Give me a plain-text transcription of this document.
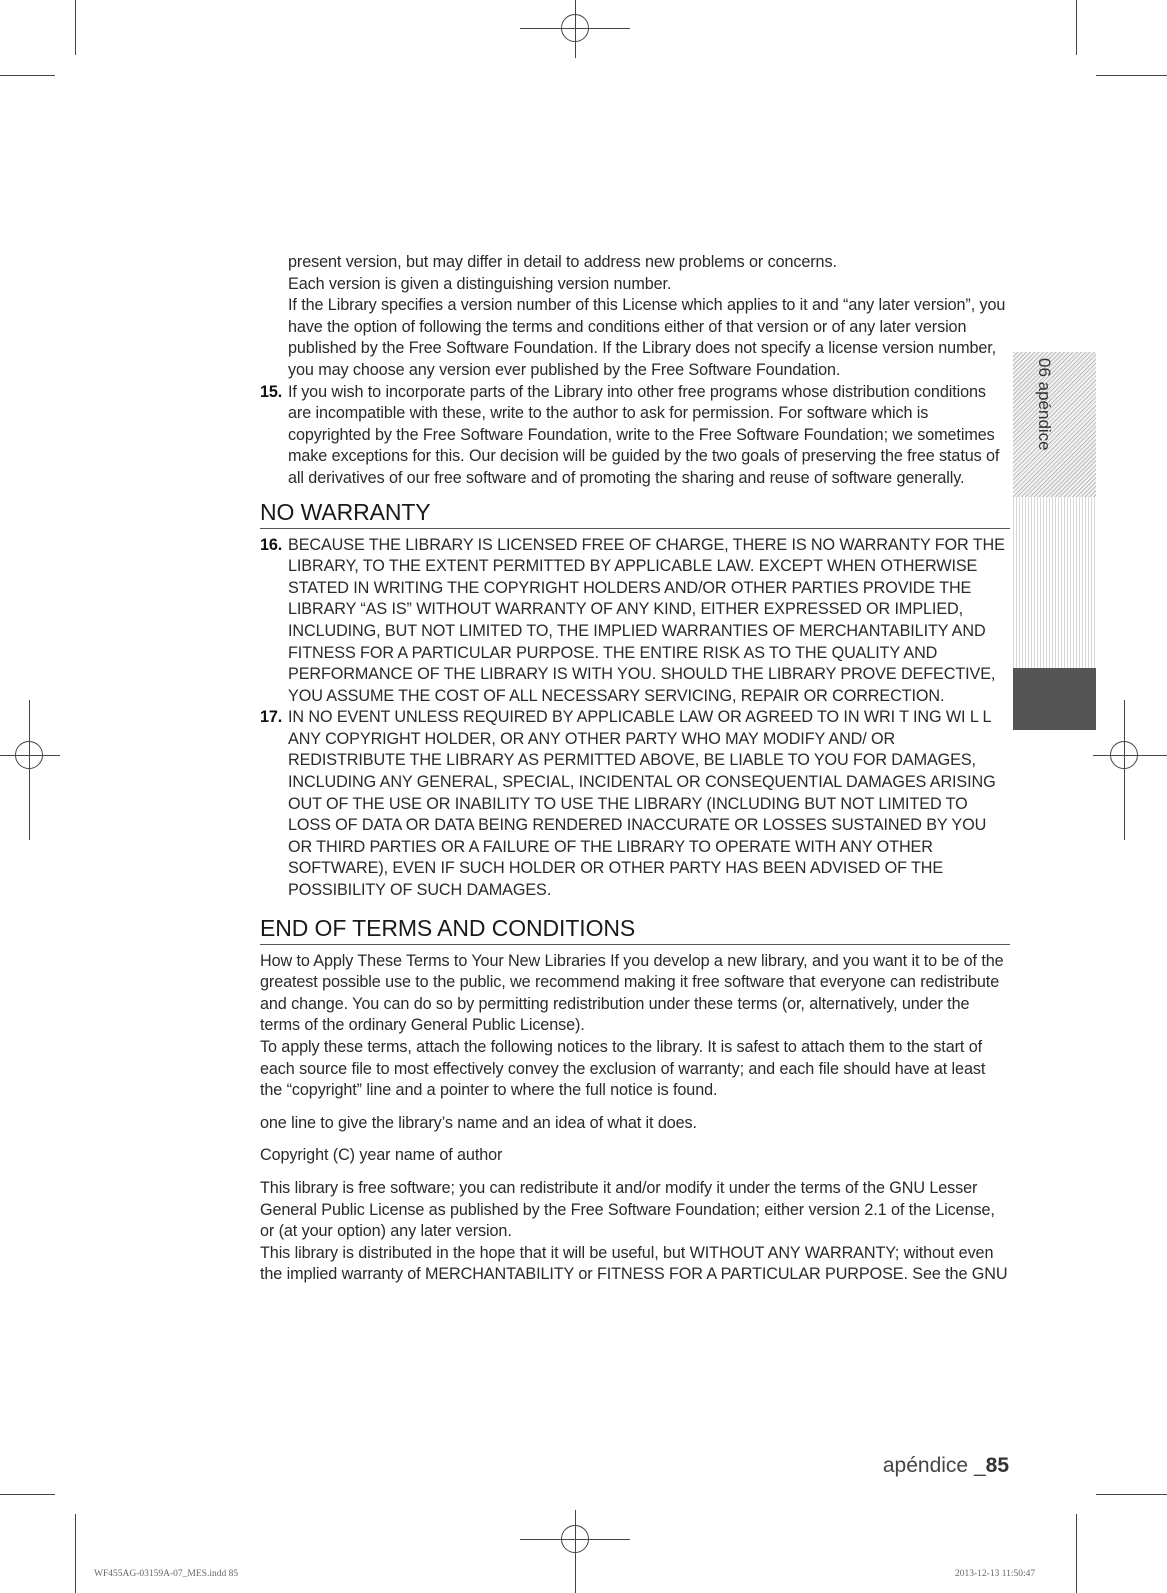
06 apéndice

present version, but may differ in detail to address new problems or concerns.

Each version is given a distinguishing version number.

If the Library specifies a version number of this License which applies to it and “any later version”, you have the option of following the terms and conditions either of that version or of any later version published by the Free Software Foundation. If the Library does not specify a license version number, you may choose any version ever published by the Free Software Foundation.

15. If you wish to incorporate parts of the Library into other free programs whose distribution conditions are incompatible with these, write to the author to ask for permission. For software which is copyrighted by the Free Software Foundation, write to the Free Software Foundation; we sometimes make exceptions for this. Our decision will be guided by the two goals of preserving the free status of all derivatives of our free software and of promoting the sharing and reuse of software generally.
NO WARRANTY
16. BECAUSE THE LIBRARY IS LICENSED FREE OF CHARGE, THERE IS NO WARRANTY FOR THE LIBRARY, TO THE EXTENT PERMITTED BY APPLICABLE LAW. EXCEPT WHEN OTHERWISE STATED IN WRITING THE COPYRIGHT HOLDERS AND/OR OTHER PARTIES PROVIDE THE LIBRARY “AS IS” WITHOUT WARRANTY OF ANY KIND, EITHER EXPRESSED OR IMPLIED, INCLUDING, BUT NOT LIMITED TO, THE IMPLIED WARRANTIES OF MERCHANTABILITY AND FITNESS FOR A PARTICULAR PURPOSE. THE ENTIRE RISK AS TO THE QUALITY AND PERFORMANCE OF THE LIBRARY IS WITH YOU. SHOULD THE LIBRARY PROVE DEFECTIVE, YOU ASSUME THE COST OF ALL NECESSARY SERVICING, REPAIR OR CORRECTION.
17. IN NO EVENT UNLESS REQUIRED BY APPLICABLE LAW OR AGREED TO IN WRI T ING WI L L ANY COPYRIGHT HOLDER, OR ANY OTHER PARTY WHO MAY MODIFY AND/ OR REDISTRIBUTE THE LIBRARY AS PERMITTED ABOVE, BE LIABLE TO YOU FOR DAMAGES, INCLUDING ANY GENERAL, SPECIAL, INCIDENTAL OR CONSEQUENTIAL DAMAGES ARISING OUT OF THE USE OR INABILITY TO USE THE LIBRARY (INCLUDING BUT NOT LIMITED TO LOSS OF DATA OR DATA BEING RENDERED INACCURATE OR LOSSES SUSTAINED BY YOU OR THIRD PARTIES OR A FAILURE OF THE LIBRARY TO OPERATE WITH ANY OTHER SOFTWARE), EVEN IF SUCH HOLDER OR OTHER PARTY HAS BEEN ADVISED OF THE POSSIBILITY OF SUCH DAMAGES.
END OF TERMS AND CONDITIONS

How to Apply These Terms to Your New Libraries If you develop a new library, and you want it to be of the greatest possible use to the public, we recommend making it free software that everyone can redistribute and change. You can do so by permitting redistribution under these terms (or, alternatively, under the terms of the ordinary General Public License).

To apply these terms, attach the following notices to the library. It is safest to attach them to the start of each source file to most effectively convey the exclusion of warranty; and each file should have at least the “copyright” line and a pointer to where the full notice is found.

one line to give the library’s name and an idea of what it does.

Copyright (C) year name of author

This library is free software; you can redistribute it and/or modify it under the terms of the GNU Lesser General Public License as published by the Free Software Foundation; either version 2.1 of the License, or (at your option) any later version.

This library is distributed in the hope that it will be useful, but WITHOUT ANY WARRANTY; without even the implied warranty of MERCHANTABILITY or FITNESS FOR A PARTICULAR PURPOSE. See the GNU

apéndice _85
WF455AG-03159A-07_MES.indd 85	2013-12-13 11:50:47
